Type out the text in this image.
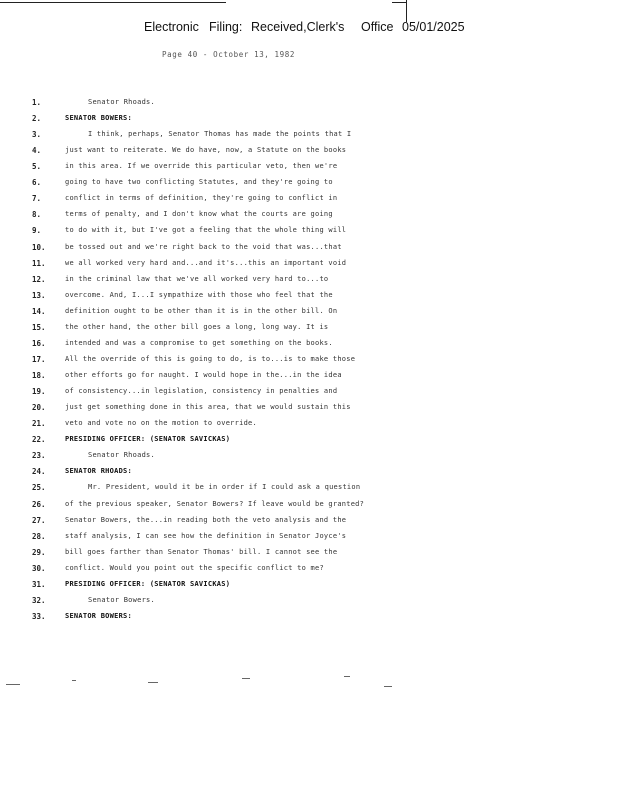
Electronic Filing: Received,Clerk's Office 05/01/2025
Page 40 - October 13, 1982
1.	Senator Rhoads.
2.	SENATOR BOWERS:
3.	I think, perhaps, Senator Thomas has made the points that I
4.	just want to reiterate. We do have, now, a Statute on the books
5.	in this area. If we override this particular veto, then we're
6.	going to have two conflicting Statutes, and they're going to
7.	conflict in terms of definition, they're going to conflict in
8.	terms of penalty, and I don't know what the courts are going
9.	to do with it, but I've got a feeling that the whole thing will
10.	be tossed out and we're right back to the void that was...that
11.	we all worked very hard and...and it's...this an important void
12.	in the criminal law that we've all worked very hard to...to
13.	overcome. And, I...I sympathize with those who feel that the
14.	definition ought to be other than it is in the other bill. On
15.	the other hand, the other bill goes a long, long way. It is
16.	intended and was a compromise to get something on the books.
17.	All the override of this is going to do, is to...is to make those
18.	other efforts go for naught. I would hope in the...in the idea
19.	of consistency...in legislation, consistency in penalties and
20.	just get something done in this area, that we would sustain this
21.	veto and vote no on the motion to override.
22.	PRESIDING OFFICER: (SENATOR SAVICKAS)
23.	Senator Rhoads.
24.	SENATOR RHOADS:
25.	Mr. President, would it be in order if I could ask a question
26.	of the previous speaker, Senator Bowers? If leave would be granted?
27.	Senator Bowers, the...in reading both the veto analysis and the
28.	staff analysis, I can see how the definition in Senator Joyce's
29.	bill goes farther than Senator Thomas' bill. I cannot see the
30.	conflict. Would you point out the specific conflict to me?
31.	PRESIDING OFFICER: (SENATOR SAVICKAS)
32.	Senator Bowers.
33.	SENATOR BOWERS:
